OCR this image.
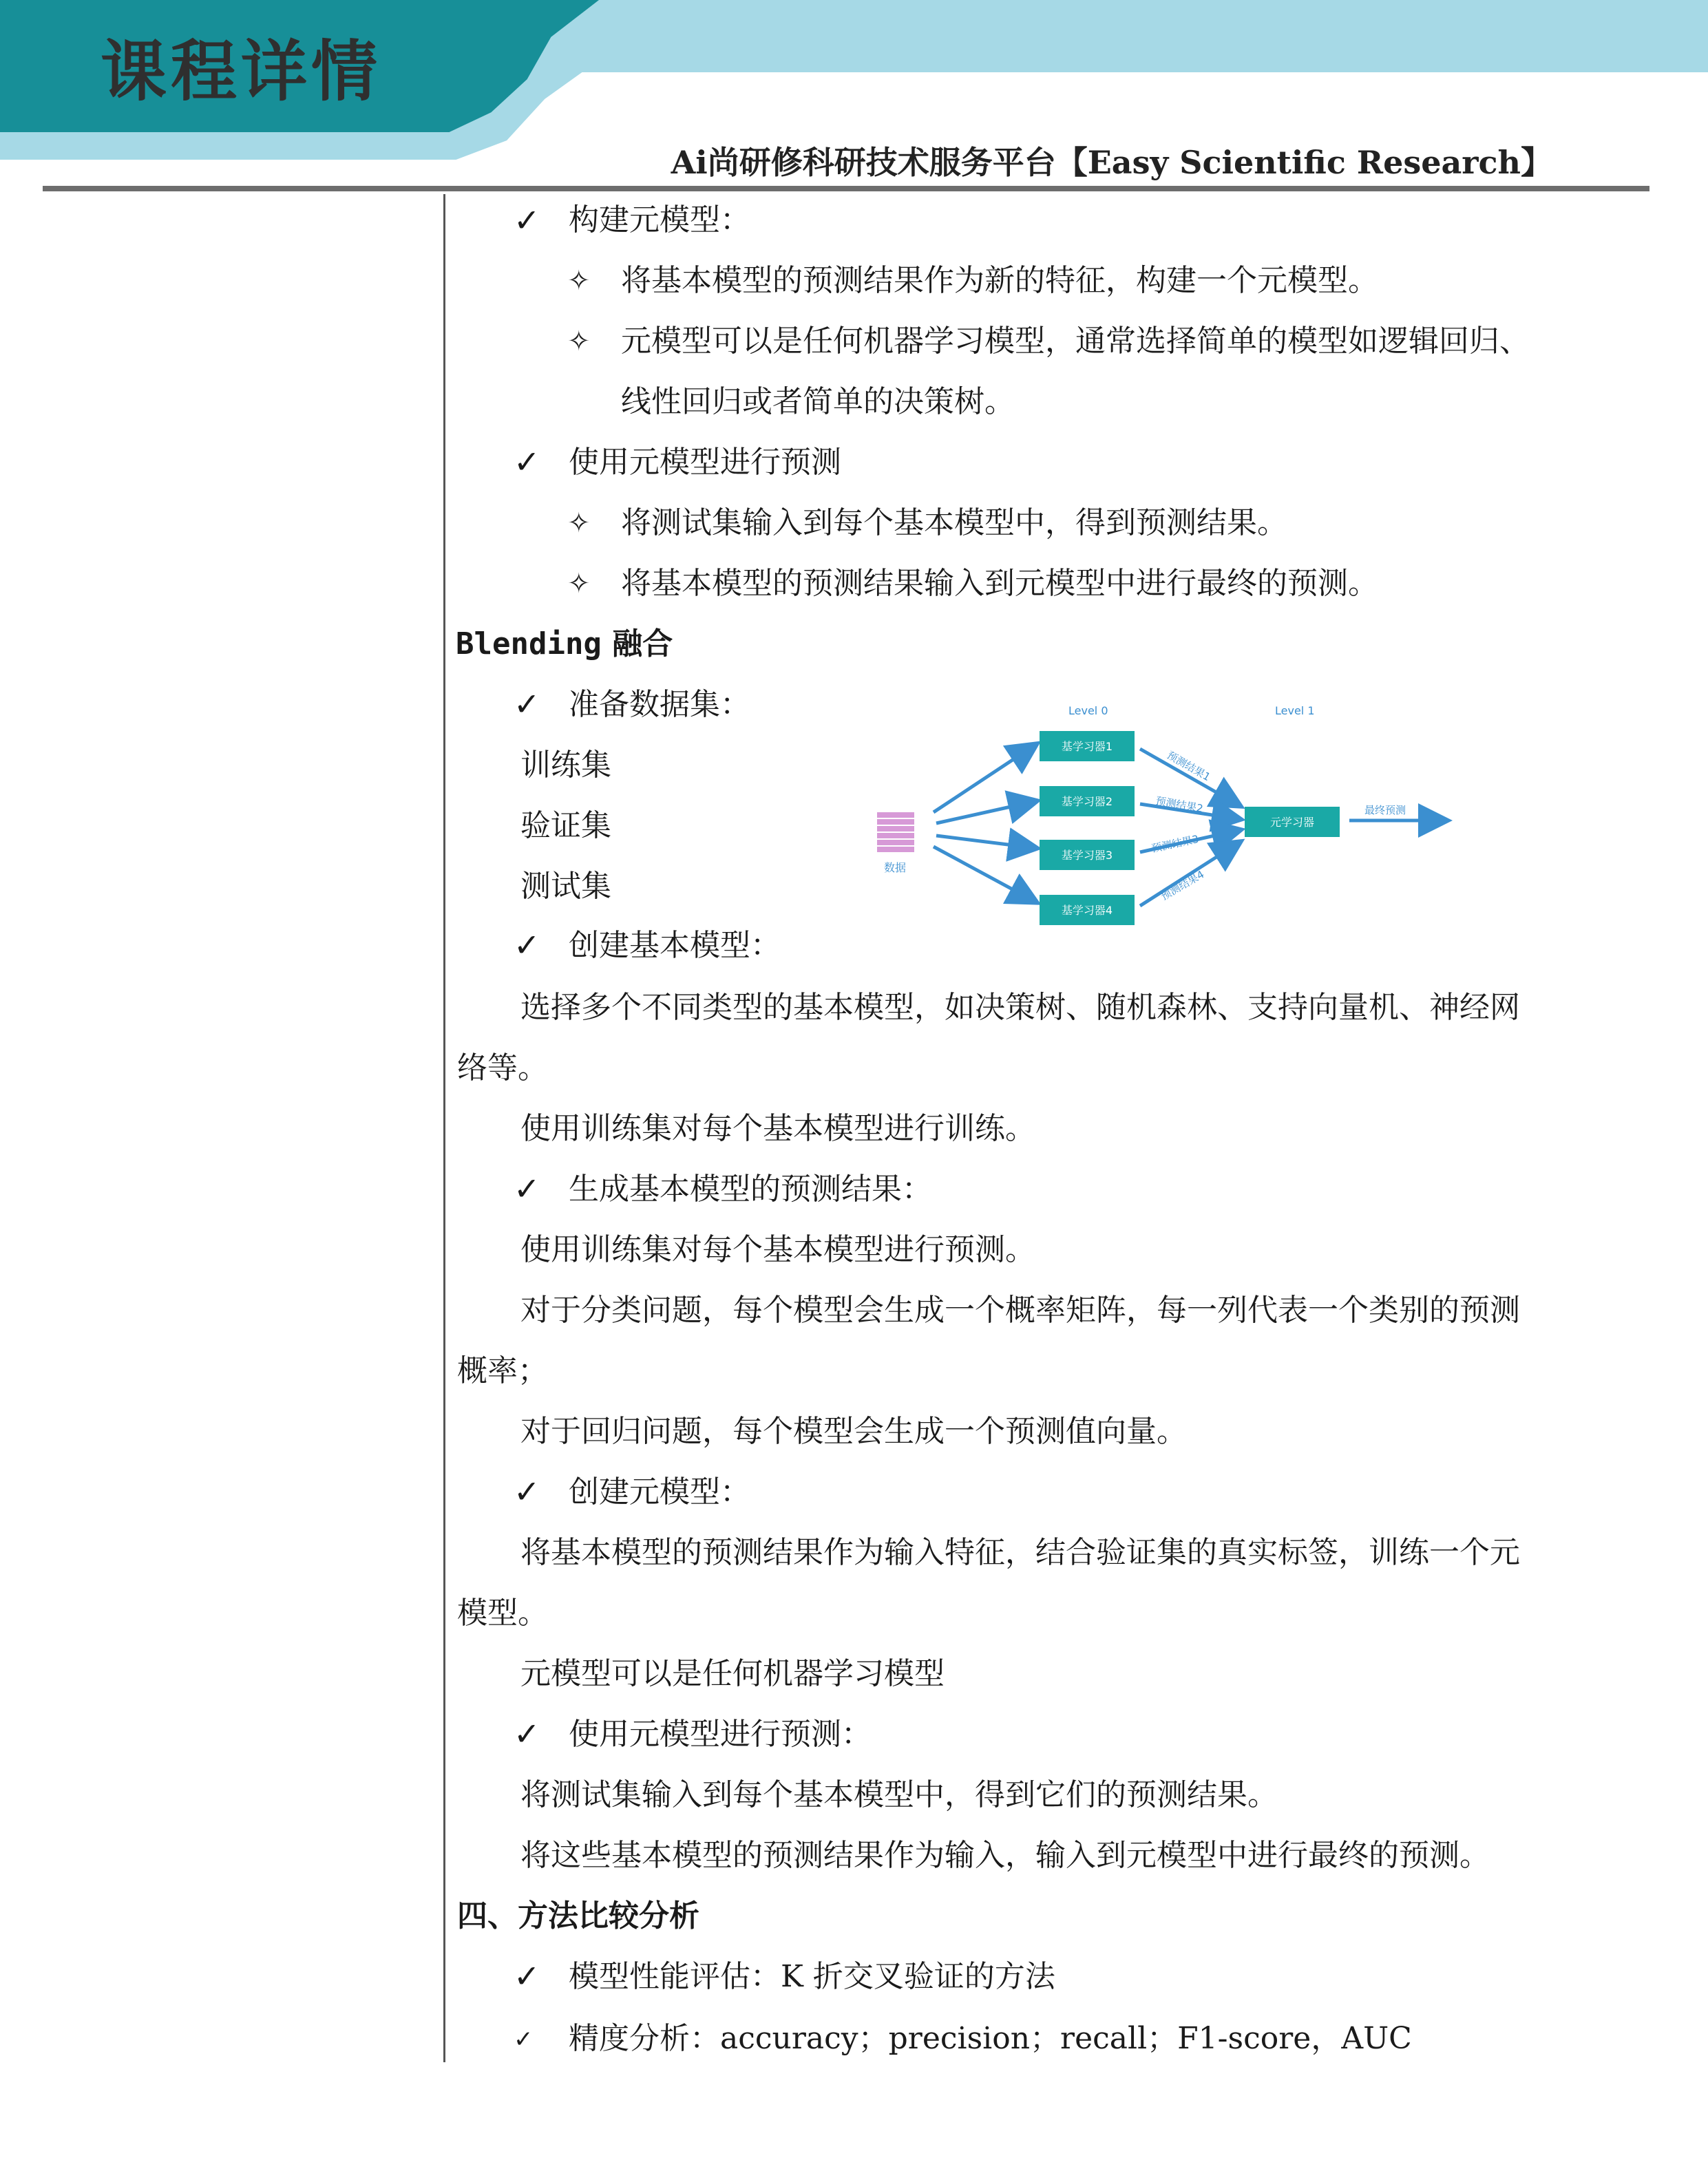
课程详情
Ai尚研修科研技术服务平台【Easy Scientific Research】
✓ 构建元模型：
✧ 将基本模型的预测结果作为新的特征，构建一个元模型。
✧ 元模型可以是任何机器学习模型，通常选择简单的模型如逻辑回归、
线性回归或者简单的决策树。
✓ 使用元模型进行预测
✧ 将测试集输入到每个基本模型中，得到预测结果。
✧ 将基本模型的预测结果输入到元模型中进行最终的预测。
Blending 融合
✓ 准备数据集：
训练集
验证集
测试集
Level 0	Level 1
数据
基学习器1
基学习器2
基学习器3
基学习器4
预测结果1
预测结果2
预测结果3
预测结果4
元学习器
最终预测
✓ 创建基本模型：
选择多个不同类型的基本模型，如决策树、随机森林、支持向量机、神经网
络等。
使用训练集对每个基本模型进行训练。
✓ 生成基本模型的预测结果：
使用训练集对每个基本模型进行预测。
对于分类问题，每个模型会生成一个概率矩阵，每一列代表一个类别的预测
概率；
对于回归问题，每个模型会生成一个预测值向量。
✓ 创建元模型：
将基本模型的预测结果作为输入特征，结合验证集的真实标签，训练一个元
模型。
元模型可以是任何机器学习模型
✓ 使用元模型进行预测：
将测试集输入到每个基本模型中，得到它们的预测结果。
将这些基本模型的预测结果作为输入，输入到元模型中进行最终的预测。
四、方法比较分析
✓ 模型性能评估：K 折交叉验证的方法
✓ 精度分析：accuracy；precision；recall；F1-score，AUC
